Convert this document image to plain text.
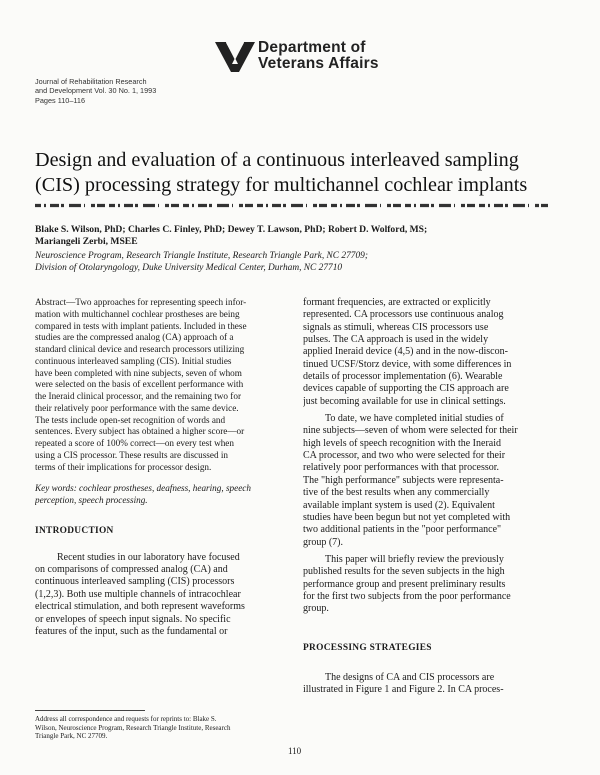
Department of
Veterans Affairs
Journal of Rehabilitation Research
and Development Vol. 30 No. 1, 1993
Pages 110–116
Design and evaluation of a continuous interleaved sampling
(CIS) processing strategy for multichannel cochlear implants
Blake S. Wilson, PhD; Charles C. Finley, PhD; Dewey T. Lawson, PhD; Robert D. Wolford, MS;
Mariangeli Zerbi, MSEE
Neuroscience Program, Research Triangle Institute, Research Triangle Park, NC 27709;
Division of Otolaryngology, Duke University Medical Center, Durham, NC 27710
Abstract—Two approaches for representing speech infor-
mation with multichannel cochlear prostheses are being
compared in tests with implant patients. Included in these
studies are the compressed analog (CA) approach of a
standard clinical device and research processors utilizing
continuous interleaved sampling (CIS). Initial studies
have been completed with nine subjects, seven of whom
were selected on the basis of excellent performance with
the Ineraid clinical processor, and the remaining two for
their relatively poor performance with the same device.
The tests include open-set recognition of words and
sentences. Every subject has obtained a higher score—or
repeated a score of 100% correct—on every test when
using a CIS processor. These results are discussed in
terms of their implications for processor design.
Key words: cochlear prostheses, deafness, hearing, speech
perception, speech processing.
INTRODUCTION
Recent studies in our laboratory have focused
on comparisons of compressed analog (CA) and
continuous interleaved sampling (CIS) processors
(1,2,3). Both use multiple channels of intracochlear
electrical stimulation, and both represent waveforms
or envelopes of speech input signals. No specific
features of the input, such as the fundamental or
Address all correspondence and requests for reprints to: Blake S.
Wilson, Neuroscience Program, Research Triangle Institute, Research
Triangle Park, NC 27709.
formant frequencies, are extracted or explicitly
represented. CA processors use continuous analog
signals as stimuli, whereas CIS processors use
pulses. The CA approach is used in the widely
applied Ineraid device (4,5) and in the now-discon-
tinued UCSF/Storz device, with some differences in
details of processor implementation (6). Wearable
devices capable of supporting the CIS approach are
just becoming available for use in clinical settings.
To date, we have completed initial studies of
nine subjects—seven of whom were selected for their
high levels of speech recognition with the Ineraid
CA processor, and two who were selected for their
relatively poor performances with that processor.
The "high performance" subjects were representa-
tive of the best results when any commercially
available implant system is used (2). Equivalent
studies have been begun but not yet completed with
two additional patients in the "poor performance"
group (7).
This paper will briefly review the previously
published results for the seven subjects in the high
performance group and present preliminary results
for the first two subjects from the poor performance
group.
PROCESSING STRATEGIES
The designs of CA and CIS processors are
illustrated in Figure 1 and Figure 2. In CA proces-
110
